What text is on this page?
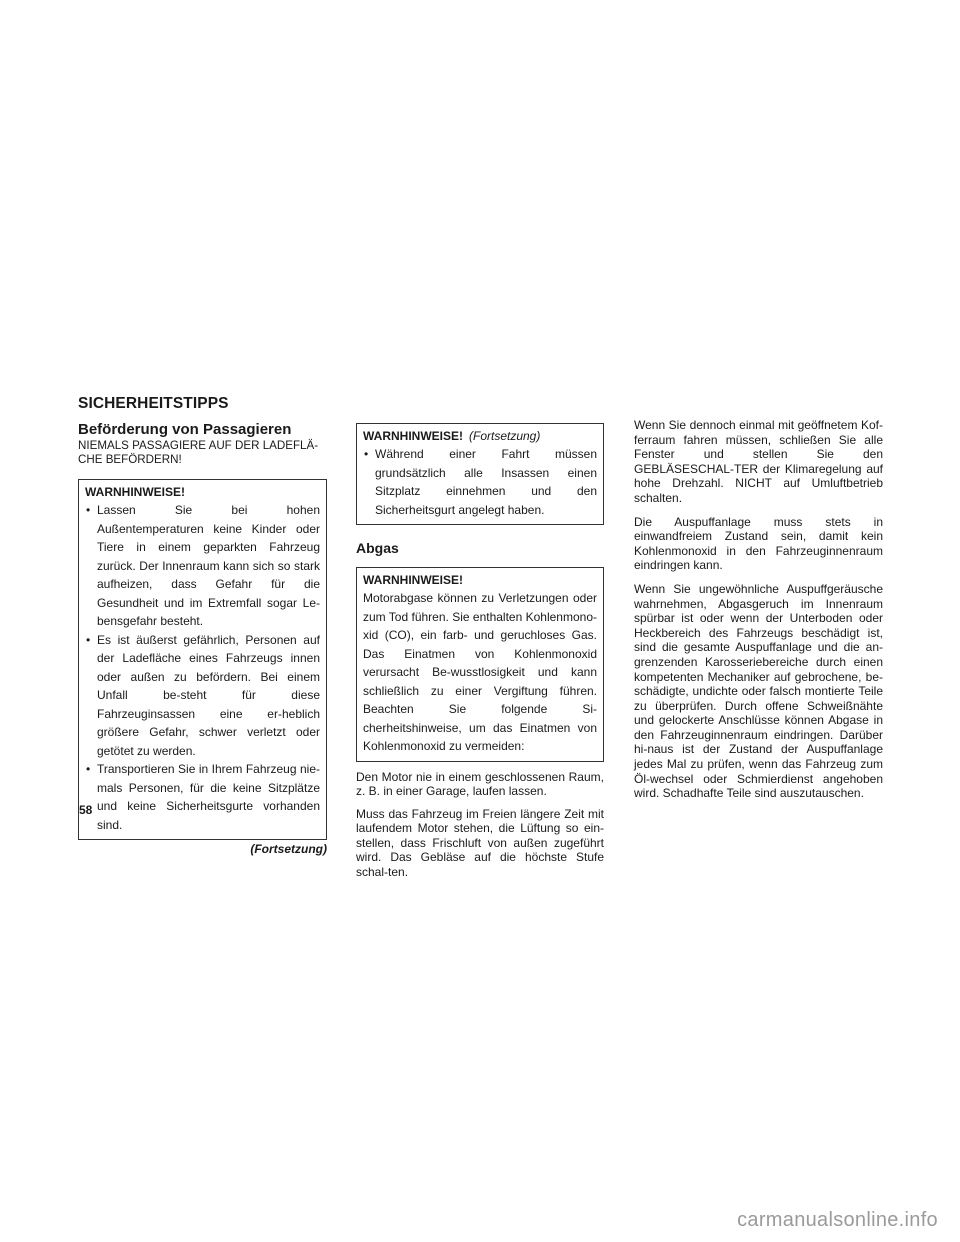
SICHERHEITSTIPPS
Beförderung von Passagieren
NIEMALS PASSAGIERE AUF DER LADEFLÄ-CHE BEFÖRDERN!
WARNHINWEISE!
• Lassen Sie bei hohen Außentemperaturen keine Kinder oder Tiere in einem geparkten Fahrzeug zurück. Der Innenraum kann sich so stark aufheizen, dass Gefahr für die Gesundheit und im Extremfall sogar Le-bensgefahr besteht.
• Es ist äußerst gefährlich, Personen auf der Ladefläche eines Fahrzeugs innen oder außen zu befördern. Bei einem Unfall be-steht für diese Fahrzeuginsassen eine er-heblich größere Gefahr, schwer verletzt oder getötet zu werden.
• Transportieren Sie in Ihrem Fahrzeug nie-mals Personen, für die keine Sitzplätze und keine Sicherheitsgurte vorhanden sind.
(Fortsetzung)
WARNHINWEISE! (Fortsetzung)
• Während einer Fahrt müssen grundsätzlich alle Insassen einen Sitzplatz einnehmen und den Sicherheitsgurt angelegt haben.
Abgas
WARNHINWEISE!
Motorabgase können zu Verletzungen oder zum Tod führen. Sie enthalten Kohlenmono-xid (CO), ein farb- und geruchloses Gas. Das Einatmen von Kohlenmonoxid verursacht Be-wusstlosigkeit und kann schließlich zu einer Vergiftung führen. Beachten Sie folgende Si-cherheitshinweise, um das Einatmen von Kohlenmonoxid zu vermeiden:

Den Motor nie in einem geschlossenen Raum, z. B. in einer Garage, laufen lassen.

Muss das Fahrzeug im Freien längere Zeit mit laufendem Motor stehen, die Lüftung so ein-stellen, dass Frischluft von außen zugeführt wird. Das Gebläse auf die höchste Stufe schal-ten.

Wenn Sie dennoch einmal mit geöffnetem Kof-ferraum fahren müssen, schließen Sie alle Fenster und stellen Sie den GEBLÄSESCHAL-TER der Klimaregelung auf hohe Drehzahl. NICHT auf Umluftbetrieb schalten.

Die Auspuffanlage muss stets in einwandfreiem Zustand sein, damit kein Kohlenmonoxid in den Fahrzeuginnenraum eindringen kann.

Wenn Sie ungewöhnliche Auspuffgeräusche wahrnehmen, Abgasgeruch im Innenraum spürbar ist oder wenn der Unterboden oder Heckbereich des Fahrzeugs beschädigt ist, sind die gesamte Auspuffanlage und die an-grenzenden Karosseriebereiche durch einen kompetenten Mechaniker auf gebrochene, be-schädigte, undichte oder falsch montierte Teile zu überprüfen. Durch offene Schweißnähte und gelockerte Anschlüsse können Abgase in den Fahrzeuginnenraum eindringen. Darüber hi-naus ist der Zustand der Auspuffanlage jedes Mal zu prüfen, wenn das Fahrzeug zum Öl-wechsel oder Schmierdienst angehoben wird. Schadhafte Teile sind auszutauschen.

58
carmanualsonline.info
